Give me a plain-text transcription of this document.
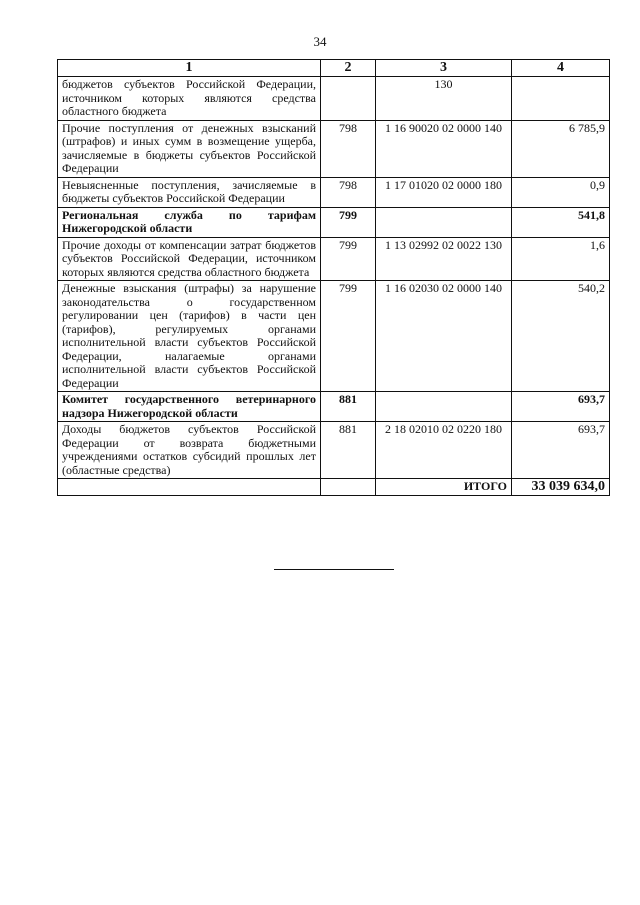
34
1	2	3	4
бюджетов субъектов Российской Федерации, источником которых являются средства областного бюджета		130	
Прочие поступления от денежных взысканий (штрафов) и иных сумм в возмещение ущерба, зачисляемые в бюджеты субъектов Российской Федерации	798	1 16 90020 02 0000 140	6 785,9
Невыясненные поступления, зачисляемые в бюджеты субъектов Российской Федерации	798	1 17 01020 02 0000 180	0,9
Региональная служба по тарифам Нижегородской области	799		541,8
Прочие доходы от компенсации затрат бюджетов субъектов Российской Федерации, источником которых являются средства областного бюджета	799	1 13 02992 02 0022 130	1,6
Денежные взыскания (штрафы) за нарушение законодательства о государственном регулировании цен (тарифов) в части цен (тарифов), регулируемых органами исполнительной власти субъектов Российской Федерации, налагаемые органами исполнительной власти субъектов Российской Федерации	799	1 16 02030 02 0000 140	540,2
Комитет государственного ветеринарного надзора Нижегородской области	881		693,7
Доходы бюджетов субъектов Российской Федерации от возврата бюджетными учреждениями остатков субсидий прошлых лет (областные средства)	881	2 18 02010 02 0220 180	693,7
		ИТОГО	33 039 634,0
